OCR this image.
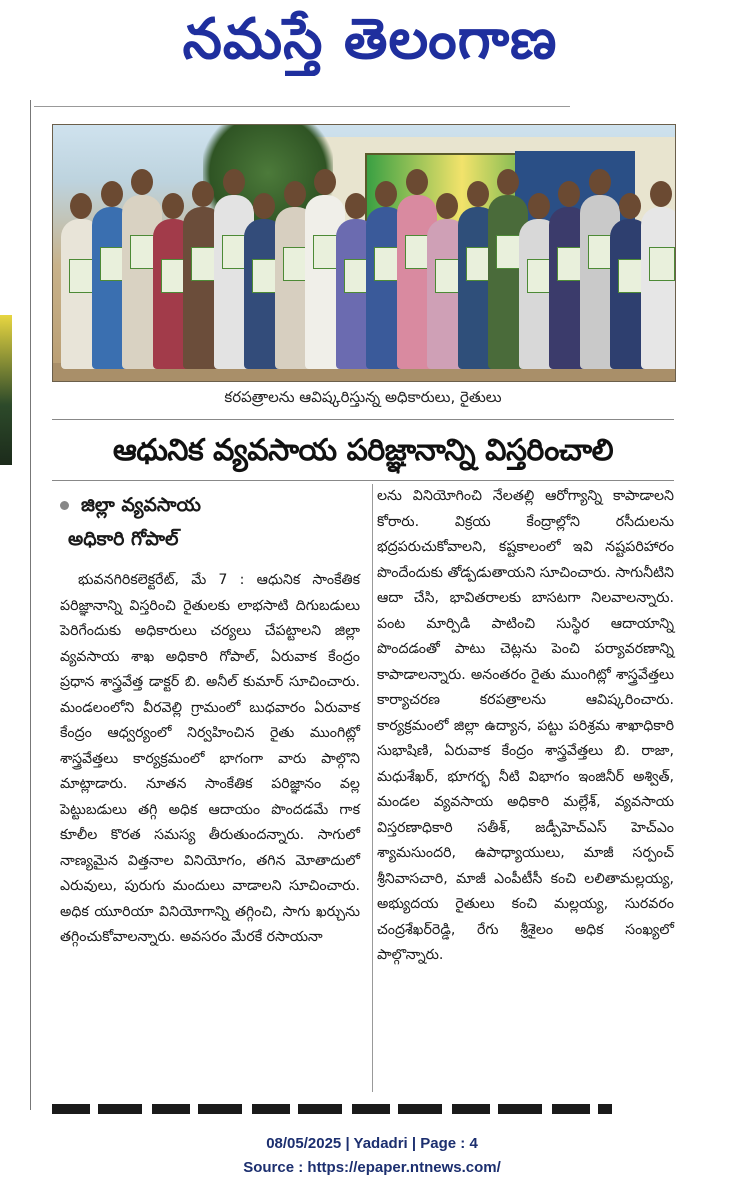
నమస్తే తెలంగాణ
కరపత్రాలను ఆవిష్కరిస్తున్న అధికారులు, రైతులు
ఆధునిక వ్యవసాయ పరిజ్ఞానాన్ని విస్తరించాలి
జిల్లా వ్యవసాయ
అధికారి గోపాల్

భువనగిరికలెక్టరేట్, మే 7 : ఆధునిక సాంకేతిక పరిజ్ఞానాన్ని విస్తరించి రైతులకు లాభసాటి దిగుబడులు పెరిగేందుకు అధికారులు చర్యలు చేపట్టాలని జిల్లా వ్యవసాయ శాఖ అధికారి గోపాల్, ఏరువాక కేంద్రం ప్రధాన శాస్త్రవేత్త డాక్టర్ బి. అనీల్ కుమార్ సూచించారు. మండలంలోని వీరవెల్లి గ్రామంలో బుధవారం ఏరువాక కేంద్రం ఆధ్వర్యంలో నిర్వహించిన రైతు ముంగిట్లో శాస్త్రవేత్తలు కార్యక్రమంలో భాగంగా వారు పాల్గొని మాట్లాడారు. నూతన సాంకేతిక పరిజ్ఞానం వల్ల పెట్టుబడులు తగ్గి అధిక ఆదాయం పొందడమే గాక కూలీల కొరత సమస్య తీరుతుందన్నారు. సాగులో నాణ్యమైన విత్తనాల వినియోగం, తగిన మోతాదులో ఎరువులు, పురుగు మందులు వాడాలని సూచించారు. అధిక యూరియా వినియోగాన్ని తగ్గించి, సాగు ఖర్చును తగ్గించుకోవాలన్నారు. అవసరం మేరకే రసాయనా

లను వినియోగించి నేలతల్లి ఆరోగ్యాన్ని కాపాడాలని కోరారు. విక్రయ కేంద్రాల్లోని రసీదులను భద్రపరుచుకోవాలని, కష్టకాలంలో ఇవి నష్టపరిహారం పొందేందుకు తోడ్పడుతాయని సూచించారు. సాగునీటిని ఆదా చేసి, భావితరాలకు బాసటగా నిలవాలన్నారు. పంట మార్పిడి పాటించి సుస్థిర ఆదాయాన్ని పొందడంతో పాటు చెట్లను పెంచి పర్యావరణాన్ని కాపాడాలన్నారు. అనంతరం రైతు ముంగిట్లో శాస్త్రవేత్తలు కార్యాచరణ కరపత్రాలను ఆవిష్కరించారు. కార్యక్రమంలో జిల్లా ఉద్యాన, పట్టు పరిశ్రమ శాఖాధికారి సుభాషిణి, ఏరువాక కేంద్రం శాస్త్రవేత్తలు బి. రాజా, మధుశేఖర్, భూగర్భ నీటి విభాగం ఇంజినీర్ అశ్విత్, మండల వ్యవసాయ అధికారి మల్లేశ్, వ్యవసాయ విస్తరణాధికారి సతీశ్, జడ్పీహెచ్ఎస్ హెచ్ఎం శ్యామసుందరి, ఉపాధ్యాయులు, మాజీ సర్పంచ్ శ్రీనివాసచారి, మాజీ ఎంపీటీసీ కంచి లలితామల్లయ్య, అభ్యుదయ రైతులు కంచి మల్లయ్య, సురవరం చంద్రశేఖర్‌రెడ్డి, రేగు శ్రీశైలం అధిక సంఖ్యలో పాల్గొన్నారు.

08/05/2025 | Yadadri | Page : 4
Source : https://epaper.ntnews.com/
